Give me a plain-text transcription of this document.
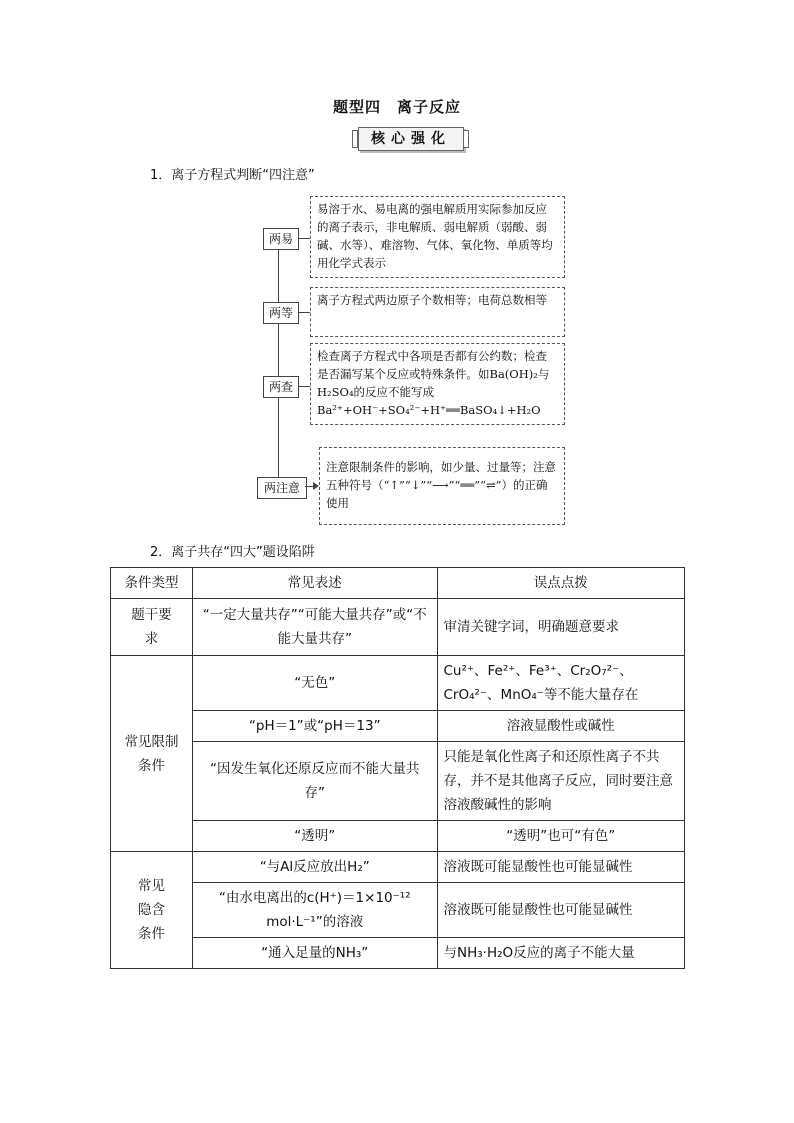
题型四　离子反应
核心强化
1．离子方程式判断“四注意”
两易
易溶于水、易电离的强电解质用实际参加反应的离子表示，非电解质、弱电解质（弱酸、弱碱、水等）、难溶物、气体、氧化物、单质等均用化学式表示
两等
离子方程式两边原子个数相等；电荷总数相等
两查
检查离子方程式中各项是否都有公约数；检查是否漏写某个反应或特殊条件。如Ba(OH)₂与H₂SO₄的反应不能写成Ba²⁺+OH⁻+SO₄²⁻+H⁺══BaSO₄↓+H₂O
两注意
注意限制条件的影响，如少量、过量等；注意五种符号（“↑”“↓”“⟶”“══”“⇌”）的正确使用
2．离子共存“四大”题设陷阱
条件类型	常见表述	误点点拨
题干要求	“一定大量共存”“可能大量共存”或“不能大量共存”	审清关键字词，明确题意要求
常见限制条件	“无色”	Cu²⁺、Fe²⁺、Fe³⁺、Cr₂O₇²⁻、CrO₄²⁻、MnO₄⁻等不能大量存在
	“pH＝1”或“pH＝13”	溶液显酸性或碱性
	“因发生氧化还原反应而不能大量共存”	只能是氧化性离子和还原性离子不共存，并不是其他离子反应，同时要注意溶液酸碱性的影响
	“透明”	“透明”也可“有色”
常见隐含条件	“与Al反应放出H₂”	溶液既可能显酸性也可能显碱性
	“由水电离出的c(H⁺)＝1×10⁻¹² mol·L⁻¹”的溶液	溶液既可能显酸性也可能显碱性
	“通入足量的NH₃”	与NH₃·H₂O反应的离子不能大量
